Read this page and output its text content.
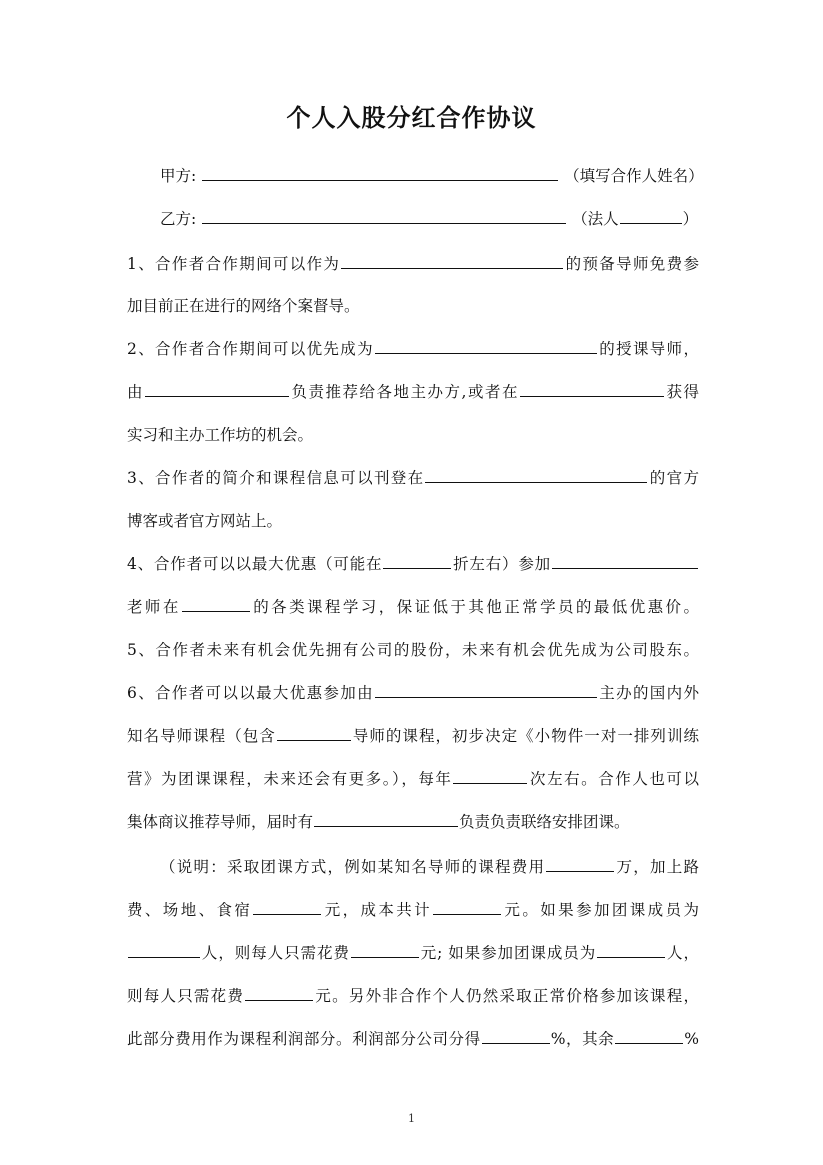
个人入股分红合作协议
甲方:	（填写合作人姓名）
乙方:	（法人	）
1、合作者合作期间可以作为	的预备导师免费参
加目前正在进行的网络个案督导。
2、合作者合作期间可以优先成为	的授课导师，
由	负责推荐给各地主办方,或者在	获得
实习和主办工作坊的机会。
3、合作者的简介和课程信息可以刊登在	的官方
博客或者官方网站上。
4、合作者可以以最大优惠（可能在	折左右）参加
老师在	的各类课程学习，保证低于其他正常学员的最低优惠价。
5、合作者未来有机会优先拥有公司的股份，未来有机会优先成为公司股东。
6、合作者可以以最大优惠参加由	主办的国内外
知名导师课程（包含	导师的课程，初步决定《小物件一对一排列训练
营》为团课课程，未来还会有更多。），每年	次左右。合作人也可以
集体商议推荐导师，届时有	负责负责联络安排团课。
（说明：采取团课方式，例如某知名导师的课程费用	万，加上路
费、场地、食宿	元，成本共计	元。如果参加团课成员为
人，则每人只需花费	元; 如果参加团课成员为	人，
则每人只需花费	元。另外非合作个人仍然采取正常价格参加该课程，
此部分费用作为课程利润部分。利润部分公司分得	%，其余	%
1
